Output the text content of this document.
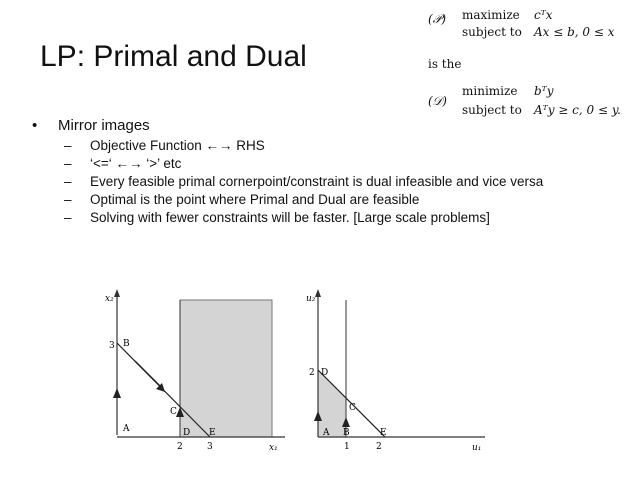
LP: Primal and Dual
(𝒫) maximize cᵀx
subject to Ax ≤ b, 0 ≤ x
is the
(𝒟)
minimize bᵀy
subject to Aᵀy ≥ c, 0 ≤ y.
• Mirror images
– Objective Function ←→ RHS
– ‘<=‘ ←→ ‘>’ etc
– Every feasible primal cornerpoint/constraint is dual infeasible and vice versa
– Optimal is the point where Primal and Dual are feasible
– Solving with fewer constraints will be faster. [Large scale problems]
x₂
x₁
3
2	3
A
B
C
D E
u₂
u₁
2
1	2
A B
C
D
E
